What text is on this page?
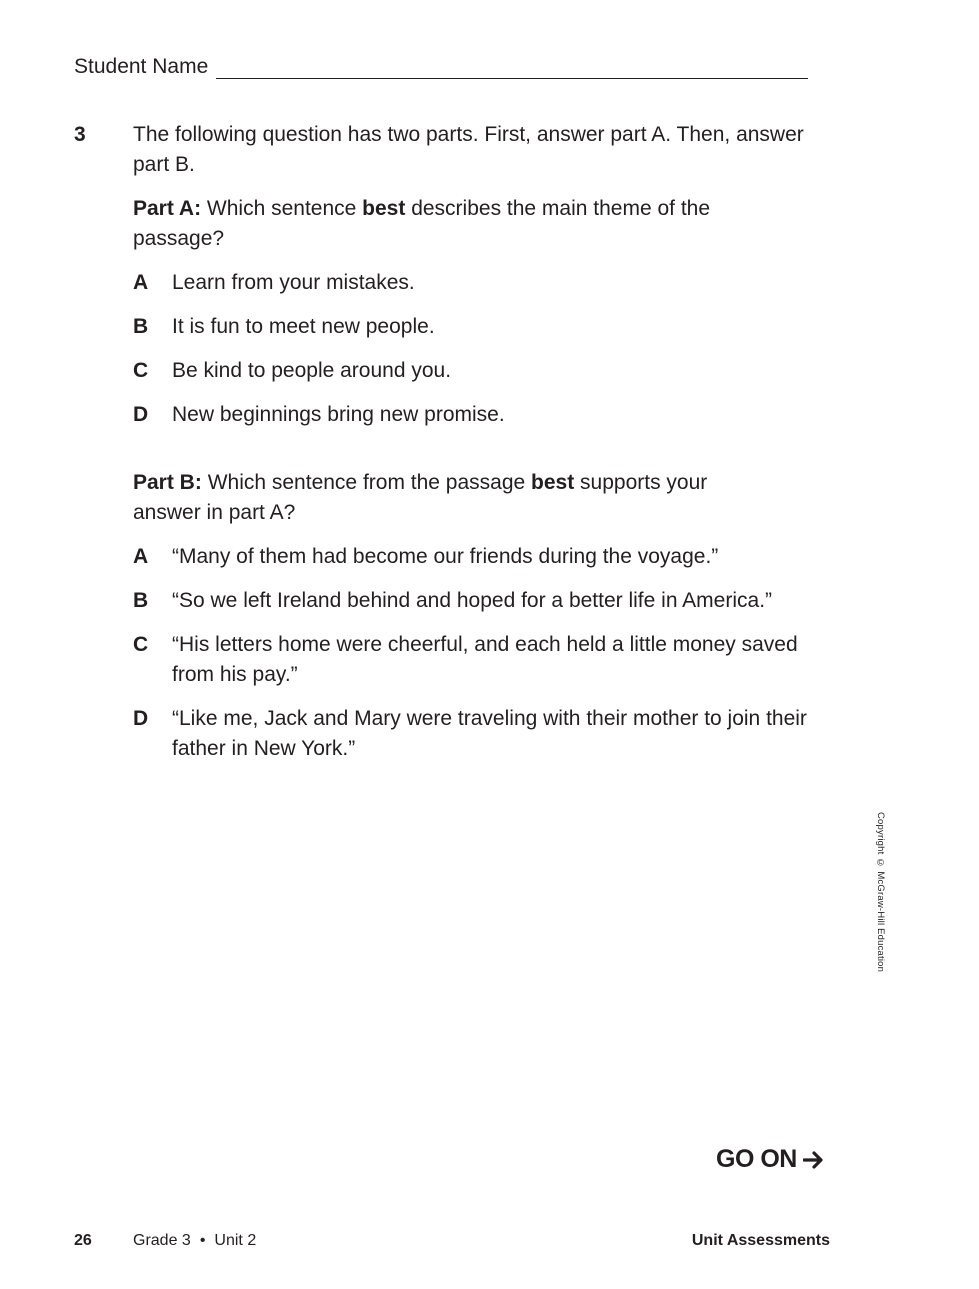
Student Name
3 The following question has two parts. First, answer part A. Then, answer part B.

Part A: Which sentence best describes the main theme of the passage?

A	Learn from your mistakes.
B	It is fun to meet new people.
C	Be kind to people around you.
D	New beginnings bring new promise.

Part B: Which sentence from the passage best supports your answer in part A?

A	“Many of them had become our friends during the voyage.”
B	“So we left Ireland behind and hoped for a better life in America.”
C	“His letters home were cheerful, and each held a little money saved from his pay.”
D	“Like me, Jack and Mary were traveling with their mother to join their father in New York.”
Copyright © McGraw-Hill Education
GO ON
26	Grade 3 • Unit 2	Unit Assessments
